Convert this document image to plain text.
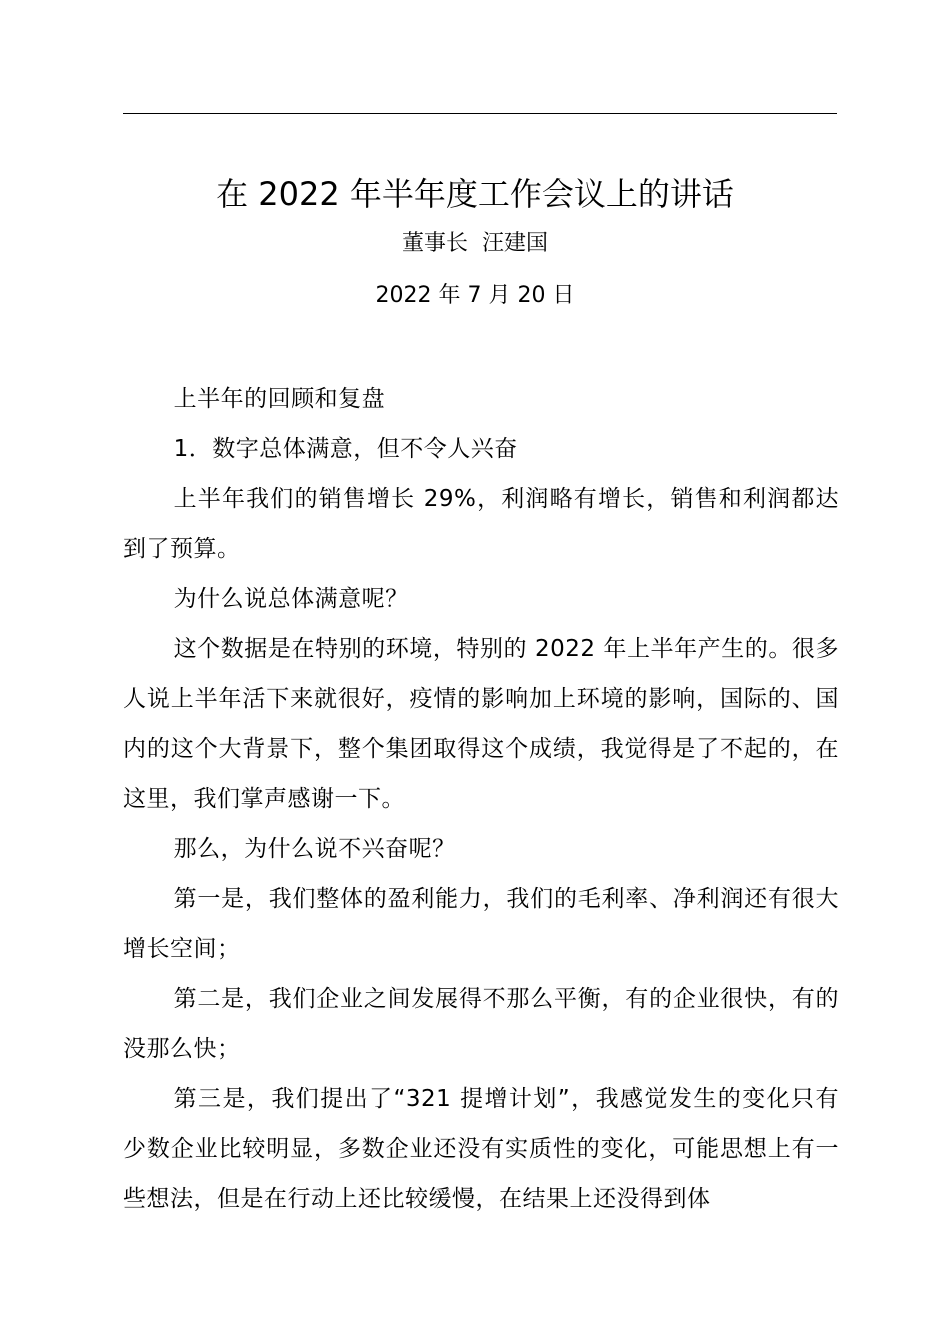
在 2022 年半年度工作会议上的讲话
董事长  汪建国
2022 年 7 月 20 日

上半年的回顾和复盘

1．数字总体满意，但不令人兴奋

上半年我们的销售增长 29%，利润略有增长，销售和利润都达到了预算。

为什么说总体满意呢？

这个数据是在特别的环境，特别的 2022 年上半年产生的。很多人说上半年活下来就很好，疫情的影响加上环境的影响，国际的、国内的这个大背景下，整个集团取得这个成绩，我觉得是了不起的，在这里，我们掌声感谢一下。

那么，为什么说不兴奋呢？

第一是，我们整体的盈利能力，我们的毛利率、净利润还有很大增长空间；

第二是，我们企业之间发展得不那么平衡，有的企业很快，有的没那么快；

第三是，我们提出了“321 提增计划”，我感觉发生的变化只有少数企业比较明显，多数企业还没有实质性的变化，可能思想上有一些想法，但是在行动上还比较缓慢，在结果上还没得到体
